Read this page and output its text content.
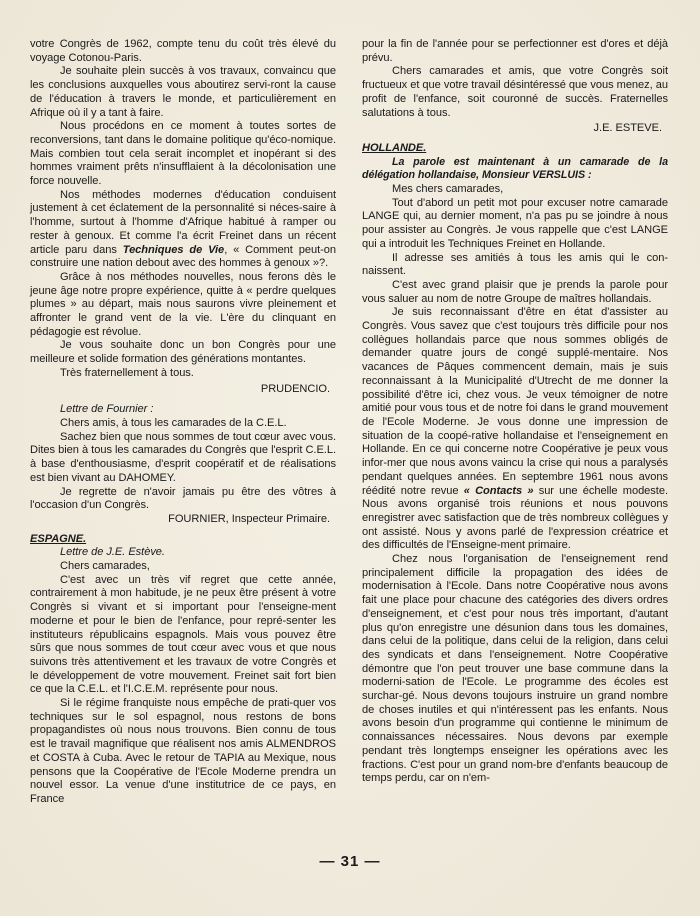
votre Congrès de 1962, compte tenu du coût très élevé du voyage Cotonou-Paris.

Je souhaite plein succès à vos travaux, convaincu que les conclusions auxquelles vous aboutirez servi-ront la cause de l'éducation à travers le monde, et particulièrement en Afrique où il y a tant à faire.

Nous procédons en ce moment à toutes sortes de reconversions, tant dans le domaine politique qu'éco-nomique. Mais combien tout cela serait incomplet et inopérant si des hommes vraiment prêts n'insufflaient à la décolonisation une force nouvelle.

Nos méthodes modernes d'éducation conduisent justement à cet éclatement de la personnalité si néces-saire à l'homme, surtout à l'homme d'Afrique habitué à ramper ou rester à genoux. Et comme l'a écrit Freinet dans un récent article paru dans Techniques de Vie, « Comment peut-on construire une nation debout avec des hommes à genoux »?.

Grâce à nos méthodes nouvelles, nous ferons dès le jeune âge notre propre expérience, quitte à « perdre quelques plumes » au départ, mais nous saurons vivre pleinement et affronter le grand vent de la vie. L'ère du clinquant en pédagogie est révolue.

Je vous souhaite donc un bon Congrès pour une meilleure et solide formation des générations montantes.

Très fraternellement à tous.

PRUDENCIO.

Lettre de Fournier :

Chers amis, à tous les camarades de la C.E.L.

Sachez bien que nous sommes de tout cœur avec vous. Dites bien à tous les camarades du Congrès que l'esprit C.E.L. à base d'enthousiasme, d'esprit coopératif et de réalisations est bien vivant au DAHOMEY.

Je regrette de n'avoir jamais pu être des vôtres à l'occasion d'un Congrès.

FOURNIER, Inspecteur Primaire.

ESPAGNE.

Lettre de J.E. Estève.

Chers camarades,

C'est avec un très vif regret que cette année, contrairement à mon habitude, je ne peux être présent à votre Congrès si vivant et si important pour l'enseigne-ment moderne et pour le bien de l'enfance, pour repré-senter les instituteurs républicains espagnols. Mais vous pouvez être sûrs que nous sommes de tout cœur avec vous et que nous suivons très attentivement et les travaux de votre Congrès et le développement de votre mouvement. Freinet sait fort bien ce que la C.E.L. et l'I.C.E.M. représente pour nous.

Si le régime franquiste nous empêche de prati-quer vos techniques sur le sol espagnol, nous restons de bons propagandistes où nous nous trouvons. Bien connu de tous est le travail magnifique que réalisent nos amis ALMENDROS et COSTA à Cuba. Avec le retour de TAPIA au Mexique, nous pensons que la Coopérative de l'Ecole Moderne prendra un nouvel essor. La venue d'une institutrice de ce pays, en France

pour la fin de l'année pour se perfectionner est d'ores et déjà prévu.

Chers camarades et amis, que votre Congrès soit fructueux et que votre travail désintéressé que vous menez, au profit de l'enfance, soit couronné de succès. Fraternelles salutations à tous.

J.E. ESTEVE.

HOLLANDE.

La parole est maintenant à un camarade de la délégation hollandaise, Monsieur VERSLUIS :

Mes chers camarades,

Tout d'abord un petit mot pour excuser notre camarade LANGE qui, au dernier moment, n'a pas pu se joindre à nous pour assister au Congrès. Je vous rappelle que c'est LANGE qui a introduit les Techniques Freinet en Hollande.

Il adresse ses amitiés à tous les amis qui le con-naissent.

C'est avec grand plaisir que je prends la parole pour vous saluer au nom de notre Groupe de maîtres hollandais.

Je suis reconnaissant d'être en état d'assister au Congrès. Vous savez que c'est toujours très difficile pour nos collègues hollandais parce que nous sommes obligés de demander quatre jours de congé supplé-mentaire. Nos vacances de Pâques commencent demain, mais je suis reconnaissant à la Municipalité d'Utrecht de me donner la possibilité d'être ici, chez vous. Je veux témoigner de notre amitié pour vous tous et de notre foi dans le grand mouvement de l'Ecole Moderne. Je vous donne une impression de situation de la coopé-rative hollandaise et l'enseignement en Hollande. En ce qui concerne notre Coopérative je peux vous infor-mer que nous avons vaincu la crise qui nous a paralysés pendant quelques années. En septembre 1961 nous avons réédité notre revue « Contacts » sur une échelle modeste. Nous avons organisé trois réunions et nous pouvons enregistrer avec satisfaction que de très nombreux collègues y ont assisté. Nous y avons parlé de l'expression créatrice et des difficultés de l'Enseigne-ment primaire.

Chez nous l'organisation de l'enseignement rend principalement difficile la propagation des idées de modernisation à l'Ecole. Dans notre Coopérative nous avons fait une place pour chacune des catégories des divers ordres d'enseignement, et c'est pour nous très important, d'autant plus qu'on enregistre une désunion dans tous les domaines, dans celui de la politique, dans celui de la religion, dans celui des syndicats et dans l'enseignement. Notre Coopérative démontre que l'on peut trouver une base commune dans la moderni-sation de l'Ecole. Le programme des écoles est surchar-gé. Nous devons toujours instruire un grand nombre de choses inutiles et qui n'intéressent pas les enfants. Nous avons besoin d'un programme qui contienne le minimum de connaissances nécessaires. Nous devons par exemple pendant très longtemps enseigner les opérations avec les fractions. C'est pour un grand nom-bre d'enfants beaucoup de temps perdu, car on n'em-

— 31 —
